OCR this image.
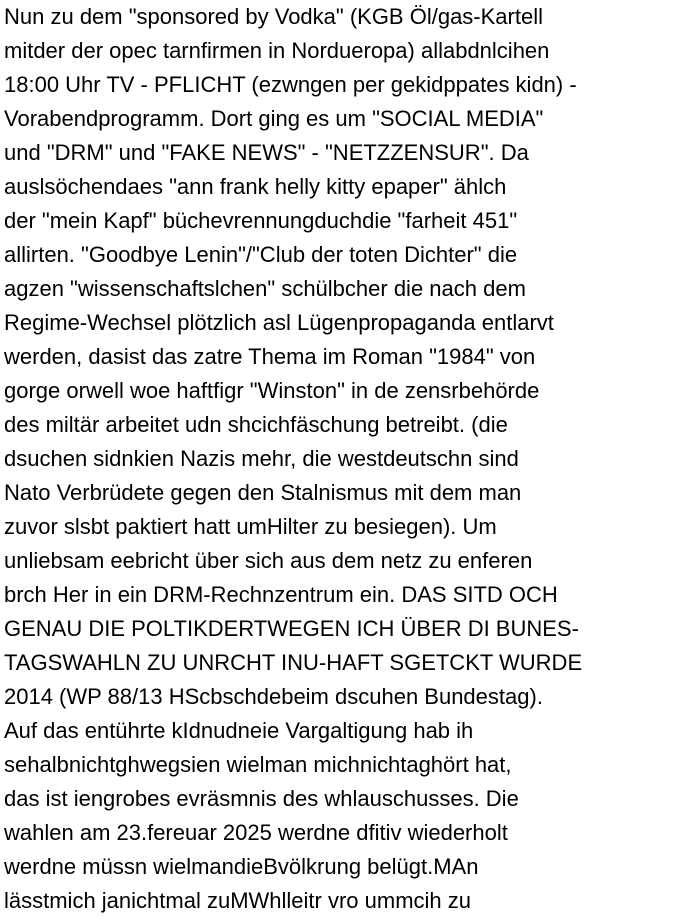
Nun zu dem "sponsored by Vodka" (KGB Öl/gas-Kartell
mitder der opec tarnfirmen in Nordueropa) allabdnlcihen
18:00 Uhr TV - PFLICHT (ezwngen per gekidppates kidn) -
Vorabendprogramm. Dort ging es um "SOCIAL MEDIA"
und "DRM" und "FAKE NEWS" - "NETZZENSUR". Da
auslsöchendaes "ann frank helly kitty epaper" ählch
der "mein Kapf" büchevrennungduchdie "farheit 451"
allirten. "Goodbye Lenin"/"Club der toten Dichter" die
agzen "wissenschaftslchen" schülbcher die nach dem
Regime-Wechsel plötzlich asl Lügenpropaganda entlarvt
werden, dasist das zatre Thema im Roman "1984" von
gorge orwell woe haftfigr "Winston" in de zensrbehörde
des miltär arbeitet udn shcichfäschung betreibt. (die
dsuchen sidnkien Nazis mehr, die westdeutschn sind
Nato Verbrüdete gegen den Stalnismus mit dem man
zuvor slsbt paktiert hatt umHilter zu besiegen). Um
unliebsam eebricht über sich aus dem netz zu enferen
brch Her in ein DRM-Rechnzentrum ein. DAS SITD OCH
GENAU DIE POLTIKDERTWEGEN ICH ÜBER DI BUNES-
TAGSWAHLN ZU UNRCHT INU-HAFT SGETCKT WURDE
2014 (WP 88/13 HScbschdebeim dscuhen Bundestag).
Auf das entührte kIdnudneie Vargaltigung hab ih
sehalbnichtghwegsien wielman michnichtaghört hat,
das ist iengrobes evräsmnis des whlauschusses. Die
wahlen am 23.fereuar 2025 werdne dfitiv wiederholt
werdne müssn wielmandieBvölkrung belügt.MAn
lässtmich janichtmal zuMWhlleitr vro ummcih zu
